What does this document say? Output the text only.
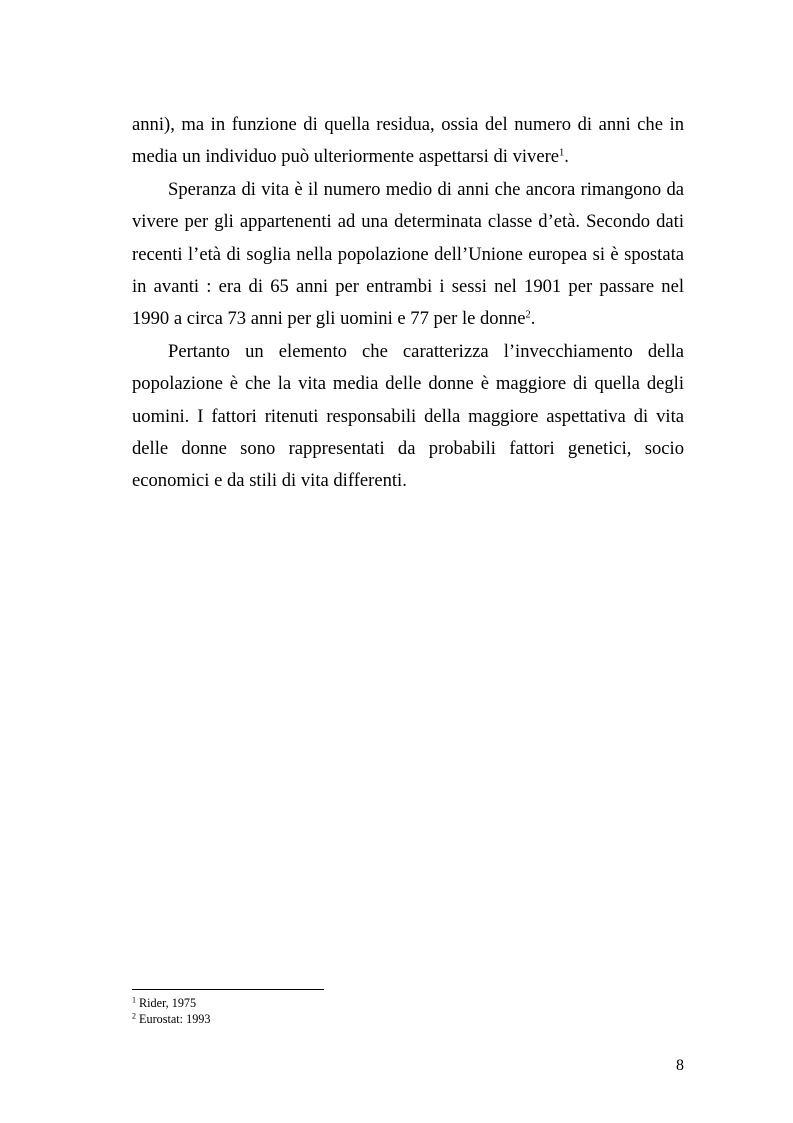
anni), ma in funzione di quella residua, ossia del numero di anni che in media un individuo può ulteriormente aspettarsi di vivere$^1$.

Speranza di vita è il numero medio di anni che ancora rimangono da vivere per gli appartenenti ad una determinata classe d’età. Secondo dati recenti l’età di soglia nella popolazione dell’Unione europea si è spostata in avanti : era di 65 anni per entrambi i sessi nel 1901 per passare nel 1990 a circa 73 anni per gli uomini e 77 per le donne$^2$.

Pertanto un elemento che caratterizza l’invecchiamento della popolazione è che la vita media delle donne è maggiore di quella degli uomini. I fattori ritenuti responsabili della maggiore aspettativa di vita delle donne sono rappresentati da probabili fattori genetici, socio economici e da stili di vita differenti.

$^1$ Rider, 1975
$^2$ Eurostat: 1993
8
